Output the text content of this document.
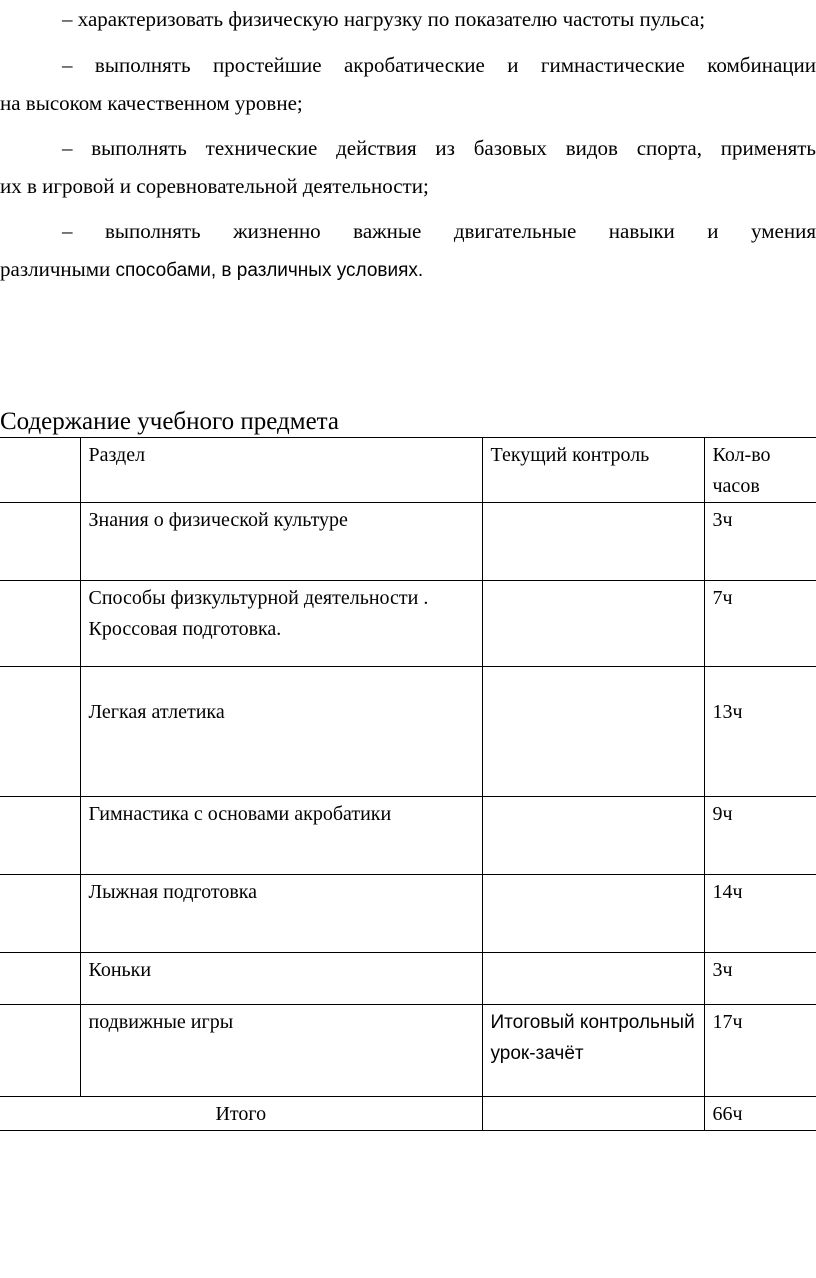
– характеризовать физическую нагрузку по показателю частоты пульса;
– выполнять простейшие акробатические и гимнастические комбинации
на высоком качественном уровне;
– выполнять технические действия из базовых видов спорта, применять
их в игровой и соревновательной деятельности;
– выполнять жизненно важные двигательные навыки и умения
различными способами, в различных условиях.
Содержание учебного предмета
	Раздел	Текущий контроль	Кол-во часов
	Знания о физической культуре		3ч
	Способы физкультурной деятельности . Кроссовая подготовка.		7ч
	Легкая атлетика		13ч
	Гимнастика с основами акробатики		9ч
	Лыжная подготовка		14ч
	Коньки		3ч
	подвижные игры	Итоговый контрольный урок-зачёт	17ч
Итого			66ч
